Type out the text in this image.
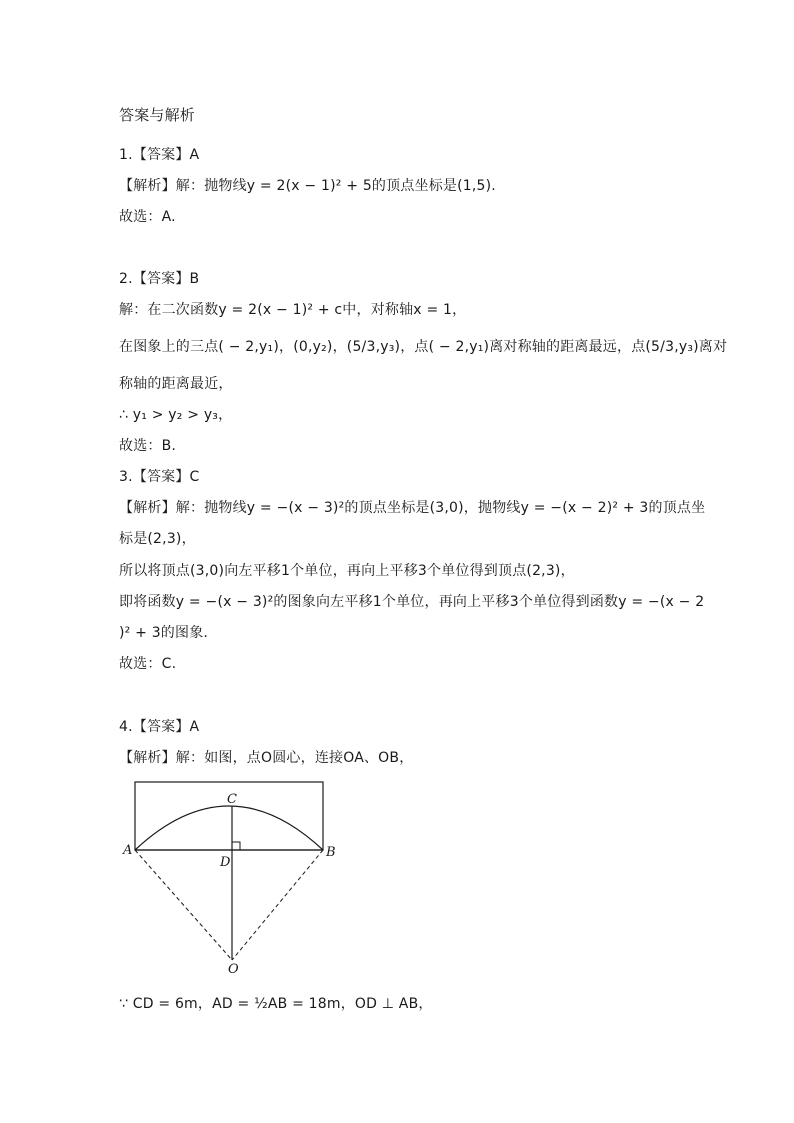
答案与解析
1.【答案】A
【解析】解：抛物线y = 2(x − 1)² + 5的顶点坐标是(1,5).
故选：A.
2.【答案】B
解：在二次函数y = 2(x − 1)² + c中，对称轴x = 1，
在图象上的三点( − 2,y₁)，(0,y₂)，(5/3,y₃)，点( − 2,y₁)离对称轴的距离最远，点(5/3,y₃)离对
称轴的距离最近，
∴ y₁ > y₂ > y₃，
故选：B.
3.【答案】C
【解析】解：抛物线y = −(x − 3)²的顶点坐标是(3,0)，抛物线y = −(x − 2)² + 3的顶点坐
标是(2,3)，
所以将顶点(3,0)向左平移1个单位，再向上平移3个单位得到顶点(2,3)，
即将函数y = −(x − 3)²的图象向左平移1个单位，再向上平移3个单位得到函数y = −(x − 2
)² + 3的图象.
故选：C.
4.【答案】A
【解析】解：如图，点O圆心，连接OA、OB，
A	B
C
D
O
∵ CD = 6m，AD = ½AB = 18m，OD ⊥ AB，
